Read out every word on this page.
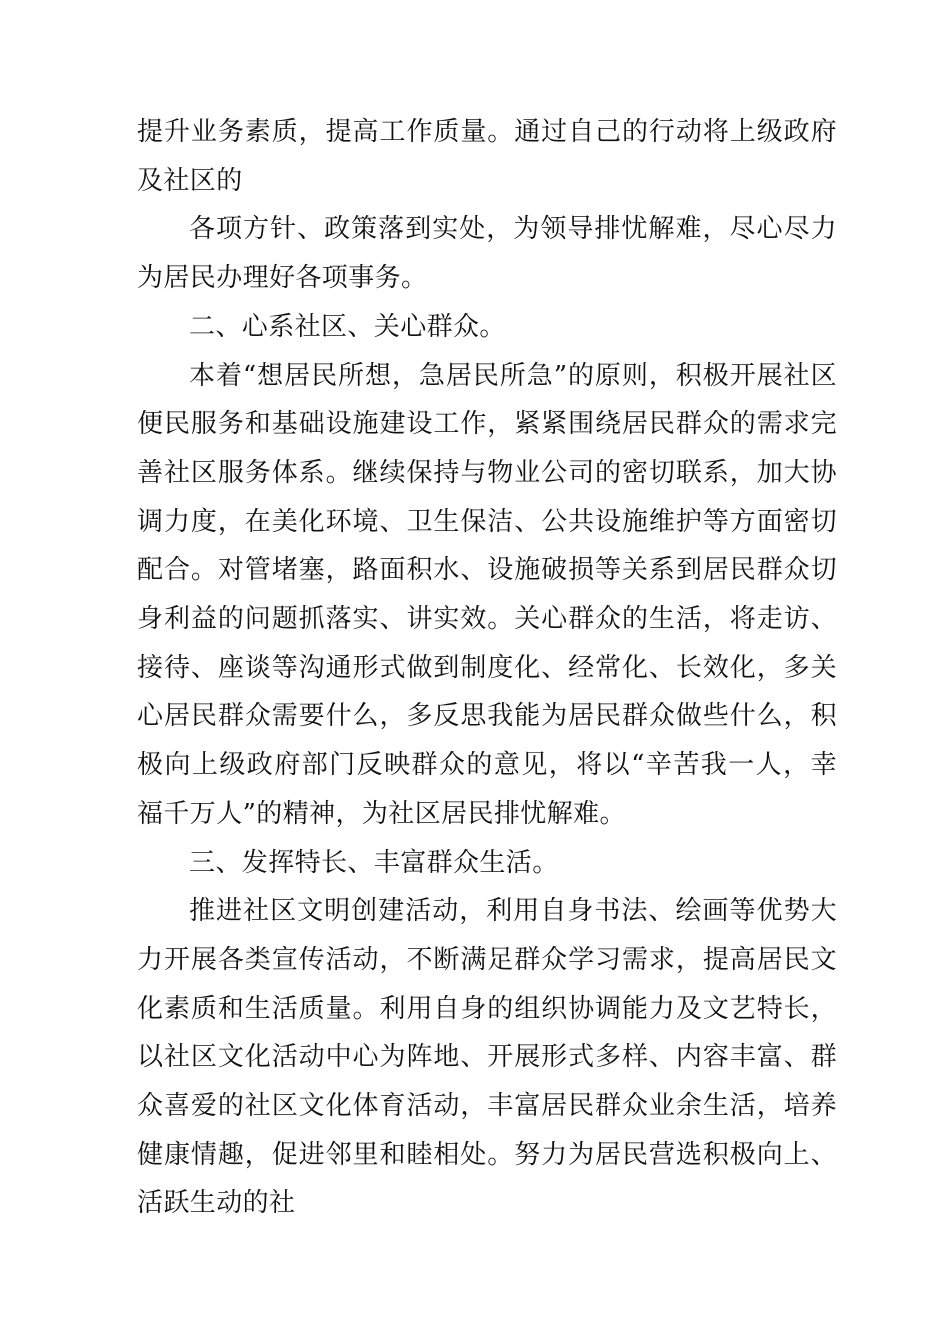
提升业务素质，提高工作质量。通过自己的行动将上级政府及社区的

各项方针、政策落到实处，为领导排忧解难，尽心尽力为居民办理好各项事务。

二、心系社区、关心群众。

本着“想居民所想，急居民所急”的原则，积极开展社区便民服务和基础设施建设工作，紧紧围绕居民群众的需求完善社区服务体系。继续保持与物业公司的密切联系，加大协调力度，在美化环境、卫生保洁、公共设施维护等方面密切配合。对管堵塞，路面积水、设施破损等关系到居民群众切身利益的问题抓落实、讲实效。关心群众的生活，将走访、接待、座谈等沟通形式做到制度化、经常化、长效化，多关心居民群众需要什么，多反思我能为居民群众做些什么，积极向上级政府部门反映群众的意见，将以“辛苦我一人，幸福千万人”的精神，为社区居民排忧解难。

三、发挥特长、丰富群众生活。

推进社区文明创建活动，利用自身书法、绘画等优势大力开展各类宣传活动，不断满足群众学习需求，提高居民文化素质和生活质量。利用自身的组织协调能力及文艺特长，以社区文化活动中心为阵地、开展形式多样、内容丰富、群众喜爱的社区文化体育活动，丰富居民群众业余生活，培养健康情趣，促进邻里和睦相处。努力为居民营选积极向上、活跃生动的社
